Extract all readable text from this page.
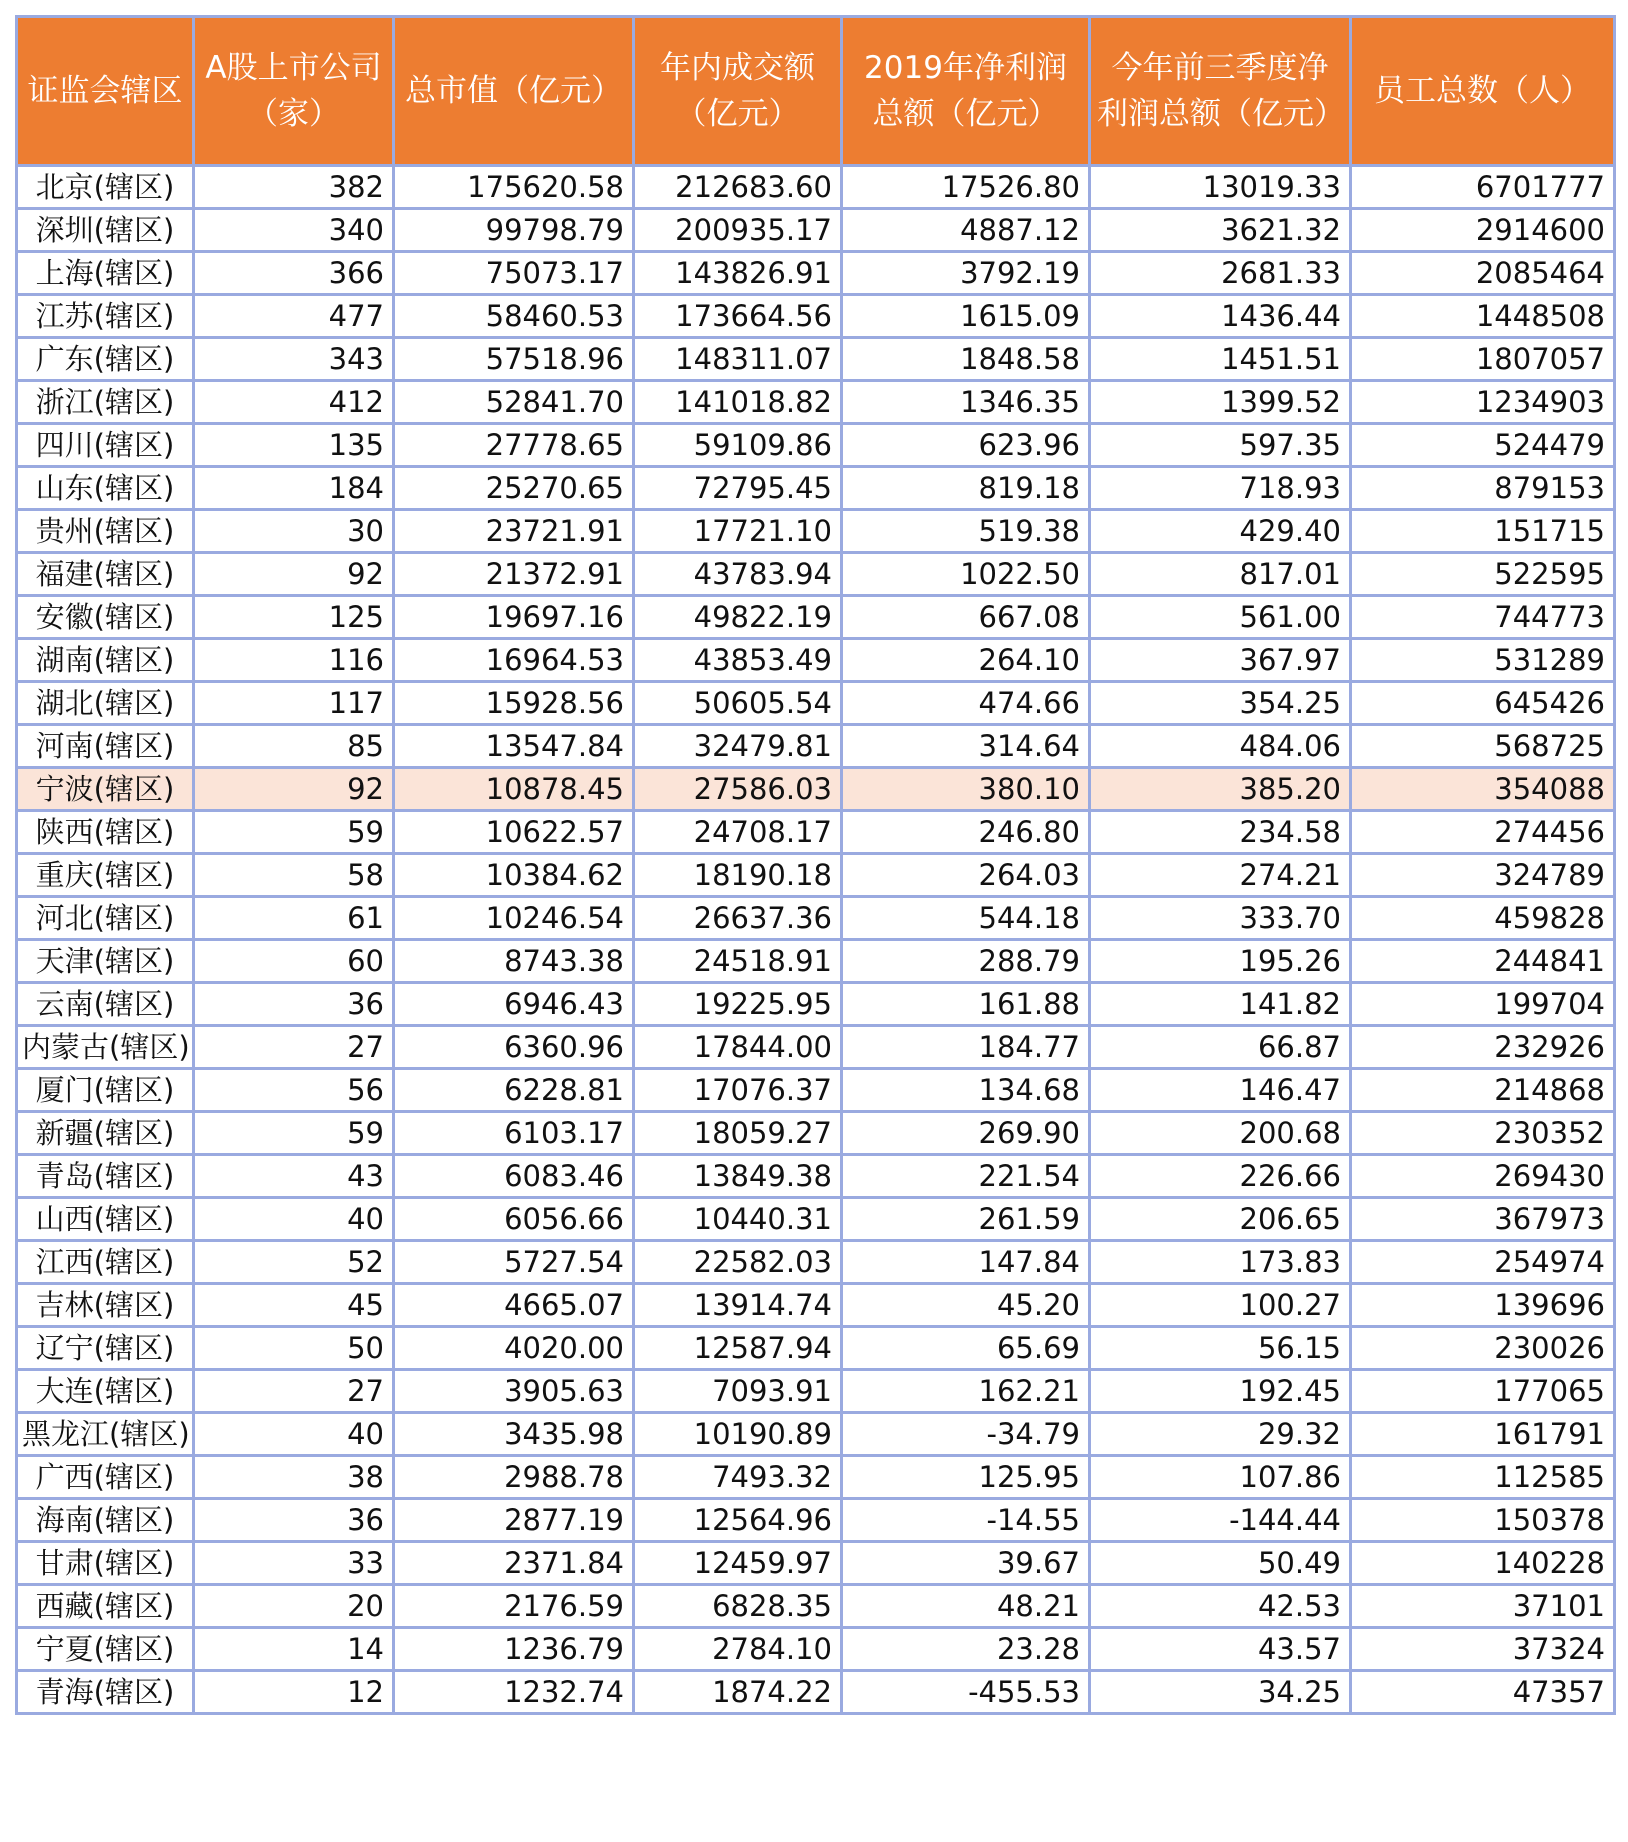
证监会辖区	A股上市公司（家）	总市值（亿元）	年内成交额（亿元）	2019年净利润总额（亿元）	今年前三季度净利润总额（亿元）	员工总数（人）
北京(辖区)	382	175620.58	212683.60	17526.80	13019.33	6701777
深圳(辖区)	340	99798.79	200935.17	4887.12	3621.32	2914600
上海(辖区)	366	75073.17	143826.91	3792.19	2681.33	2085464
江苏(辖区)	477	58460.53	173664.56	1615.09	1436.44	1448508
广东(辖区)	343	57518.96	148311.07	1848.58	1451.51	1807057
浙江(辖区)	412	52841.70	141018.82	1346.35	1399.52	1234903
四川(辖区)	135	27778.65	59109.86	623.96	597.35	524479
山东(辖区)	184	25270.65	72795.45	819.18	718.93	879153
贵州(辖区)	30	23721.91	17721.10	519.38	429.40	151715
福建(辖区)	92	21372.91	43783.94	1022.50	817.01	522595
安徽(辖区)	125	19697.16	49822.19	667.08	561.00	744773
湖南(辖区)	116	16964.53	43853.49	264.10	367.97	531289
湖北(辖区)	117	15928.56	50605.54	474.66	354.25	645426
河南(辖区)	85	13547.84	32479.81	314.64	484.06	568725
宁波(辖区)	92	10878.45	27586.03	380.10	385.20	354088
陕西(辖区)	59	10622.57	24708.17	246.80	234.58	274456
重庆(辖区)	58	10384.62	18190.18	264.03	274.21	324789
河北(辖区)	61	10246.54	26637.36	544.18	333.70	459828
天津(辖区)	60	8743.38	24518.91	288.79	195.26	244841
云南(辖区)	36	6946.43	19225.95	161.88	141.82	199704
内蒙古(辖区)	27	6360.96	17844.00	184.77	66.87	232926
厦门(辖区)	56	6228.81	17076.37	134.68	146.47	214868
新疆(辖区)	59	6103.17	18059.27	269.90	200.68	230352
青岛(辖区)	43	6083.46	13849.38	221.54	226.66	269430
山西(辖区)	40	6056.66	10440.31	261.59	206.65	367973
江西(辖区)	52	5727.54	22582.03	147.84	173.83	254974
吉林(辖区)	45	4665.07	13914.74	45.20	100.27	139696
辽宁(辖区)	50	4020.00	12587.94	65.69	56.15	230026
大连(辖区)	27	3905.63	7093.91	162.21	192.45	177065
黑龙江(辖区)	40	3435.98	10190.89	-34.79	29.32	161791
广西(辖区)	38	2988.78	7493.32	125.95	107.86	112585
海南(辖区)	36	2877.19	12564.96	-14.55	-144.44	150378
甘肃(辖区)	33	2371.84	12459.97	39.67	50.49	140228
西藏(辖区)	20	2176.59	6828.35	48.21	42.53	37101
宁夏(辖区)	14	1236.79	2784.10	23.28	43.57	37324
青海(辖区)	12	1232.74	1874.22	-455.53	34.25	47357
